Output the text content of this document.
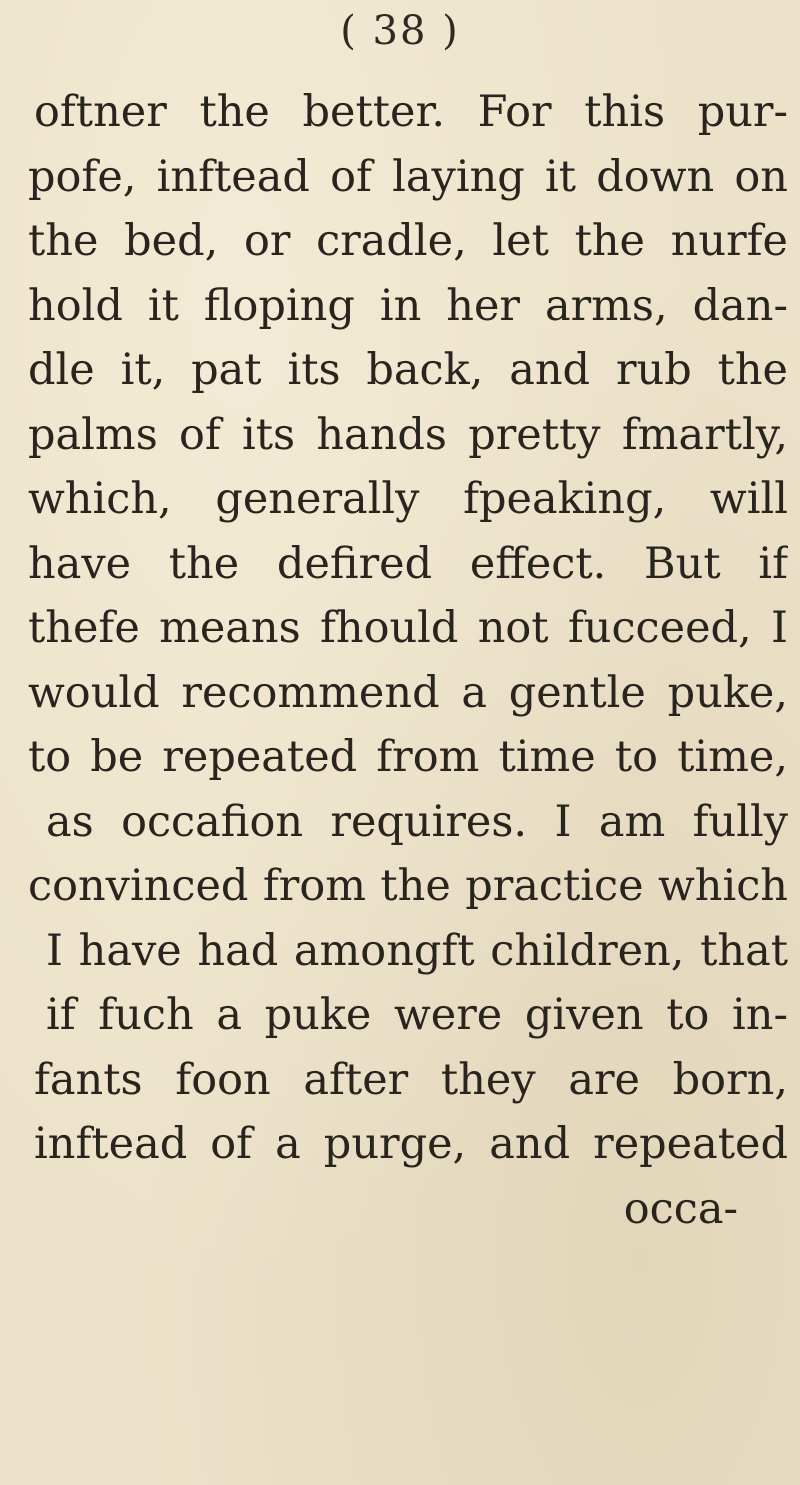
( 38 )
oftner the better. For this pur-
pofe, inftead of laying it down on
the bed, or cradle, let the nurfe
hold it floping in her arms, dan-
dle it, pat its back, and rub the
palms of its hands pretty fmartly,
which, generally fpeaking, will
have the defired effect. But if
thefe means fhould not fucceed, I
would recommend a gentle puke,
to be repeated from time to time,
as occafion requires. I am fully
convinced from the practice which
I have had amongft children, that
if fuch a puke were given to in-
fants foon after they are born,
inftead of a purge, and repeated
occa-
